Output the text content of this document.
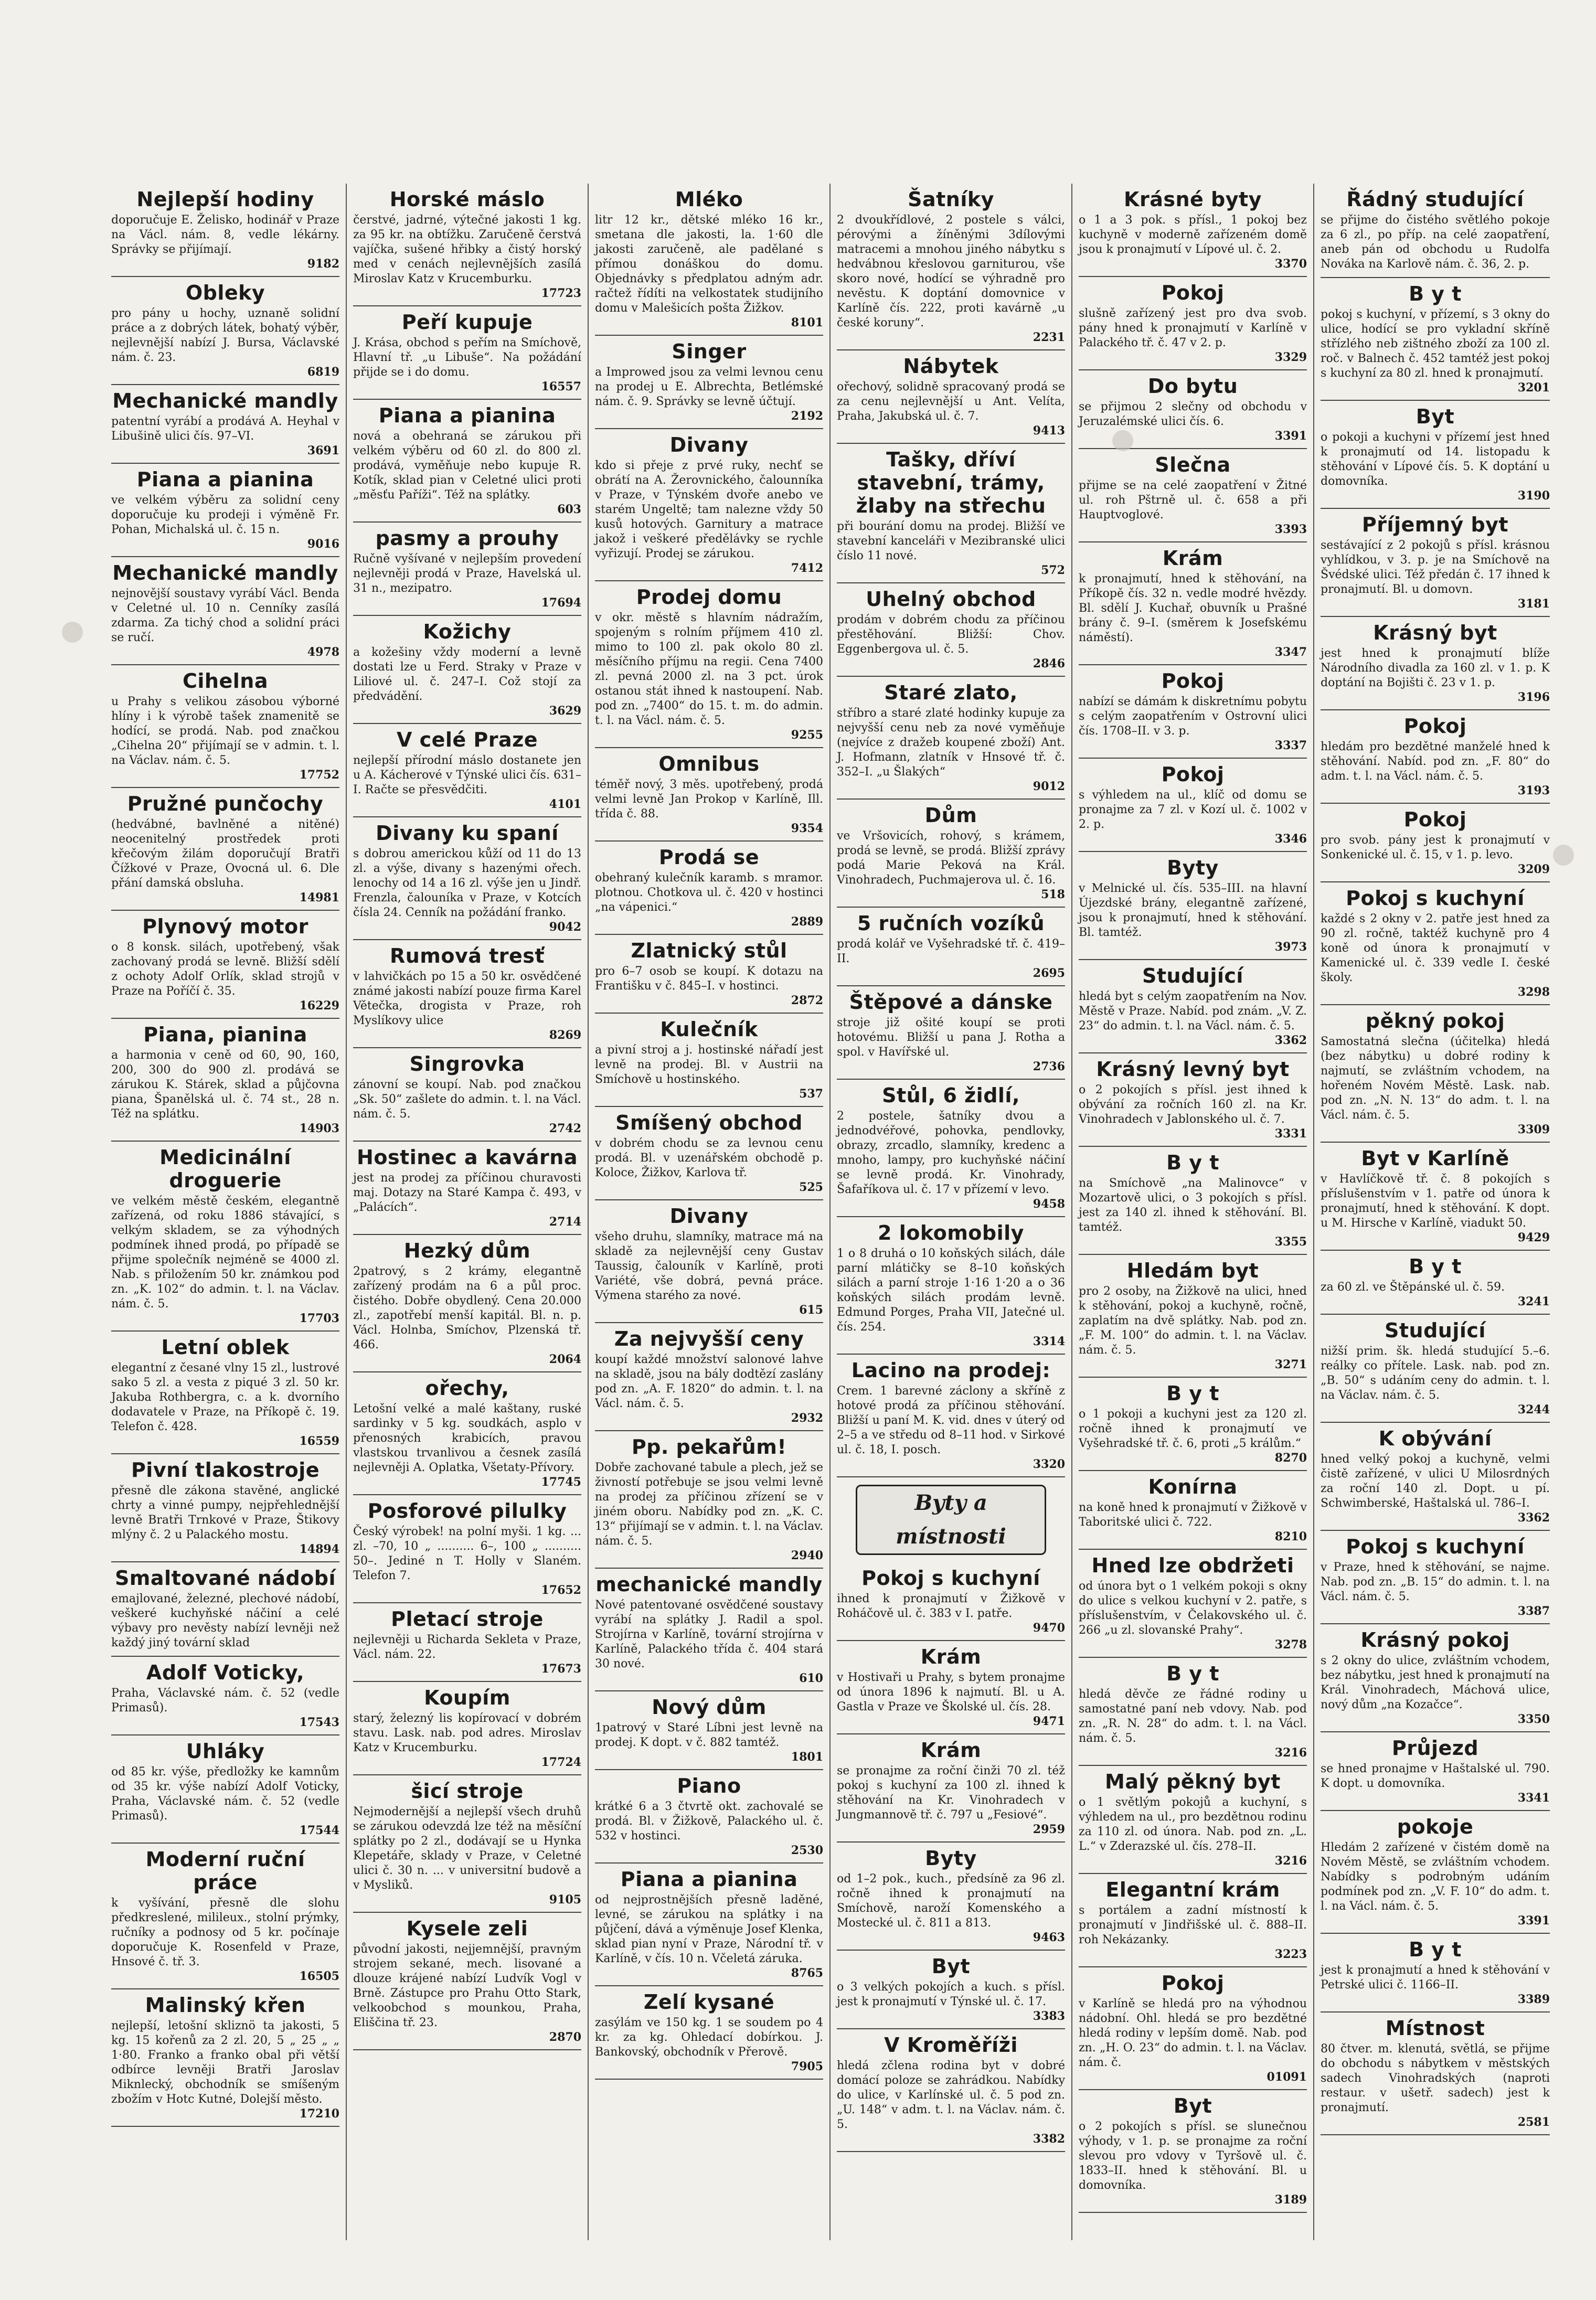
Nejlepší hodiny
doporučuje E. Želisko, hodinář v Praze na Václ. nám. 8, vedle lékárny. Správky se přijímají.
9182
Obleky
pro pány u hochy, uznaně solidní práce a z dobrých látek, bohatý výběr, nejlevnější nabízí J. Bursa, Václavské nám. č. 23.
6819
Mechanické mandly
patentní vyrábí a prodává A. Heyhal v Libušině ulici čís. 97–VI.
3691
Piana a pianina
ve velkém výběru za solidní ceny doporučuje ku prodeji i výměně Fr. Pohan, Michalská ul. č. 15 n.
9016
Mechanické mandly
nejnovější soustavy vyrábí Václ. Benda v Celetné ul. 10 n. Cenníky zasílá zdarma. Za tichý chod a solidní práci se ručí.
4978
Cihelna
u Prahy s velikou zásobou výborné hlíny i k výrobě tašek znamenitě se hodící, se prodá. Nab. pod značkou „Cihelna 20“ přijímají se v admin. t. l. na Václav. nám. č. 5.
17752
Pružné punčochy
(hedvábné, bavlněné a nitěné) neocenitelný prostředek proti křečovým žilám doporučují Bratři Čížkové v Praze, Ovocná ul. 6. Dle přání damská obsluha.
14981
Plynový motor
o 8 konsk. silách, upotřebený, však zachovaný prodá se levně. Bližší sdělí z ochoty Adolf Orlík, sklad strojů v Praze na Poříčí č. 35.
16229
Piana, pianina
a harmonia v ceně od 60, 90, 160, 200, 300 do 900 zl. prodává se zárukou K. Stárek, sklad a půjčovna piana, Španělská ul. č. 74 st., 28 n. Též na splátku.
14903
Medicinální droguerie
ve velkém městě českém, elegantně zařízená, od roku 1886 stávající, s velkým skladem, se za výhodných podmínek ihned prodá, po případě se přijme společník nejméně se 4000 zl. Nab. s přiložením 50 kr. známkou pod zn. „K. 102“ do admin. t. l. na Václav. nám. č. 5.
17703
Letní oblek
elegantní z česané vlny 15 zl., lustrové sako 5 zl. a vesta z piqué 3 zl. 50 kr. Jakuba Rothbergra, c. a k. dvorního dodavatele v Praze, na Příkopě č. 19. Telefon č. 428.
16559
Pivní tlakostroje
přesně dle zákona stavěné, anglické chrty a vinné pumpy, nejpřehlednější levně Bratři Trnkové v Praze, Štikovy mlýny č. 2 u Palackého mostu.
14894
Smaltované nádobí
emajlované, železné, plechové nádobí, veškeré kuchyňské náčiní a celé výbavy pro nevěsty nabízí levněji než každý jiný tovární sklad
Adolf Voticky,
Praha, Václavské nám. č. 52 (vedle Primasů).
17543
Uhláky
od 85 kr. výše, předložky ke kamnům od 35 kr. výše nabízí Adolf Voticky, Praha, Václavské nám. č. 52 (vedle Primasů).
17544
Moderní ruční práce
k vyšívání, přesně dle slohu předkreslené, milileux., stolní prýmky, ručníky a podnosy od 5 kr. počínaje doporučuje K. Rosenfeld v Praze, Hnsové č. tř. 3.
16505
Malinský křen
nejlepší, letošní skliznö ta jakosti, 5 kg. 15 kořenů za 2 zl. 20, 5 „ 25 „ „ 1·80. Franko a franko obal při větší odbírce levněji Bratři Jaroslav Miknlecký, obchodník se smíšeným zbožím v Hotc Kutné, Dolejší město.
17210
Horské máslo
čerstvé, jadrné, výtečné jakosti 1 kg. za 95 kr. na obtížku. Zaručeně čerstvá vajíčka, sušené hřibky a čistý horský med v cenách nejlevnějších zasílá Miroslav Katz v Krucemburku.
17723
Peří kupuje
J. Krása, obchod s peřím na Smíchově, Hlavní tř. „u Libuše“. Na požádání přijde se i do domu.
16557
Piana a pianina
nová a obehraná se zárukou při velkém výběru od 60 zl. do 800 zl. prodává, vyměňuje nebo kupuje R. Kotík, sklad pian v Celetné ulici proti „měsťu Paříži“. Též na splátky.
603
pasmy a prouhy
Ručně vyšívané v nejlepším provedení nejlevněji prodá v Praze, Havelská ul. 31 n., mezipatro.
17694
Kožichy
a kožešiny vždy moderní a levně dostati lze u Ferd. Straky v Praze v Liliové ul. č. 247–I. Což stojí za předvádění.
3629
V celé Praze
nejlepší přírodní máslo dostanete jen u A. Kácherové v Týnské ulici čís. 631–I. Račte se přesvědčiti.
4101
Divany ku spaní
s dobrou americkou kůží od 11 do 13 zl. a výše, divany s hazenými ořech. lenochy od 14 a 16 zl. výše jen u Jindř. Frenzla, čalouníka v Praze, v Kotcích čísla 24. Cenník na požádání franko.
9042
Rumová tresť
v lahvičkách po 15 a 50 kr. osvědčené známé jakosti nabízí pouze firma Karel Větečka, drogista v Praze, roh Myslíkovy ulice
8269
Singrovka
zánovní se koupí. Nab. pod značkou „Sk. 50“ zašlete do admin. t. l. na Václ. nám. č. 5.
2742
Hostinec a kavárna
jest na prodej za příčinou churavosti maj. Dotazy na Staré Kampa č. 493, v „Palácích“.
2714
Hezký dům
2patrový, s 2 krámy, elegantně zařízený prodám na 6 a půl proc. čistého. Dobře obydlený. Cena 20.000 zl., zapotřebí menší kapitál. Bl. n. p. Václ. Holnba, Smíchov, Plzenská tř. 466.
2064
ořechy,
Letošní velké a malé kaštany, ruské sardinky v 5 kg. soudkách, asplo v přenosných krabicích, pravou vlastskou trvanlivou a česnek zasílá nejlevněji A. Oplatka, Všetaty-Přívory.
17745
Posforové pilulky
Český výrobek! na polní myši. 1 kg. ... zl. –70, 10 „ .......... 6–, 100 „ .......... 50–. Jediné n T. Holly v Slaném. Telefon 7.
17652
Pletací stroje
nejlevněji u Richarda Sekleta v Praze, Václ. nám. 22.
17673
Koupím
starý, železný lis kopírovací v dobrém stavu. Lask. nab. pod adres. Miroslav Katz v Krucemburku.
17724
šicí stroje
Nejmodernější a nejlepší všech druhů se zárukou odevzdá lze též na měsíční splátky po 2 zl., dodávají se u Hynka Klepetáře, sklady v Praze, v Celetné ulici č. 30 n. ... v universitní budově a v Mysliků.
9105
Kysele zeli
původní jakosti, nejjemnější, pravným strojem sekané, mech. lisované a dlouze krájené nabízí Ludvík Vogl v Brně. Zástupce pro Prahu Otto Stark, velkoobchod s mounkou, Praha, Eliščina tř. 23.
2870
Mléko
litr 12 kr., dětské mléko 16 kr., smetana dle jakosti, la. 1·60 dle jakosti zaručeně, ale padělané s přímou donáškou do domu. Objednávky s předplatou adným adr. račtež řídíti na velkostatek studijního domu v Malešicích pošta Žižkov.
8101
Singer
a Improwed jsou za velmi levnou cenu na prodej u E. Albrechta, Betlémské nám. č. 9. Správky se levně účtují.
2192
Divany
kdo si přeje z prvé ruky, nechť se obrátí na A. Žerovnického, čalounníka v Praze, v Týnském dvoře anebo ve starém Ungeltě; tam nalezne vždy 50 kusů hotových. Garnitury a matrace jakož i veškeré předělávky se rychle vyřizují. Prodej se zárukou.
7412
Prodej domu
v okr. městě s hlavním nádražím, spojeným s rolním příjmem 410 zl. mimo to 100 zl. pak okolo 80 zl. měsíčního příjmu na regii. Cena 7400 zl. pevná 2000 zl. na 3 pct. úrok ostanou stát ihned k nastoupení. Nab. pod zn. „7400“ do 15. t. m. do admin. t. l. na Václ. nám. č. 5.
9255
Omnibus
téměř nový, 3 měs. upotřebený, prodá velmi levně Jan Prokop v Karlíně, Ill. třída č. 88.
9354
Prodá se
obehraný kulečník karamb. s mramor. plotnou. Chotkova ul. č. 420 v hostinci „na vápenici.“
2889
Zlatnický stůl
pro 6–7 osob se koupí. K dotazu na Františku v č. 845–I. v hostinci.
2872
Kulečník
a pivní stroj a j. hostinské nářadí jest levně na prodej. Bl. v Austrii na Smíchově u hostinského.
537
Smíšený obchod
v dobrém chodu se za levnou cenu prodá. Bl. v uzenářském obchodě p. Koloce, Žižkov, Karlova tř.
525
Divany
všeho druhu, slamníky, matrace má na skladě za nejlevnější ceny Gustav Taussig, čalouník v Karlíně, proti Variété, vše dobrá, pevná práce. Výmena starého za nové.
615
Za nejvyšší ceny
koupí každé množství salonové lahve na skladě, jsou na bály dodtězí zaslány pod zn. „A. F. 1820“ do admin. t. l. na Václ. nám. č. 5.
2932
Pp. pekařům!
Dobře zachované tabule a plech, jež se živností potřebuje se jsou velmi levně na prodej za příčinou zřízení se v jiném oboru. Nabídky pod zn. „K. C. 13“ přijímají se v admin. t. l. na Václav. nám. č. 5.
2940
mechanické mandly
Nové patentované osvědčené soustavy vyrábí na splátky J. Radil a spol. Strojírna v Karlíně, tovární strojírna v Karlíně, Palackého třída č. 404 stará 30 nové.
610
Nový dům
1patrový v Staré Líbni jest levně na prodej. K dopt. v č. 882 tamtéž.
1801
Piano
krátké 6 a 3 čtvrtě okt. zachovalé se prodá. Bl. v Žižkově, Palackého ul. č. 532 v hostinci.
2530
Piana a pianina
od nejprostnějších přesně laděné, levné, se zárukou na splátky i na půjčení, dává a výměnuje Josef Klenka, sklad pian nyní v Praze, Národní tř. v Karlíně, v čís. 10 n. Včeletá záruka.
8765
Zelí kysané
zasýlám ve 150 kg. 1 se soudem po 4 kr. za kg. Ohledací dobírkou. J. Bankovský, obchodník v Přerově.
7905
Šatníky
2 dvoukřídlové, 2 postele s válci, pérovými a žíněnými 3dílovými matracemi a mnohou jiného nábytku s hedvábnou křeslovou garniturou, vše skoro nové, hodící se výhradně pro nevěstu. K doptání domovnice v Karlíně čís. 222, proti kavárně „u české koruny“.
2231
Nábytek
ořechový, solidně spracovaný prodá se za cenu nejlevnější u Ant. Velíta, Praha, Jakubská ul. č. 7.
9413
Tašky, dříví stavební, trámy, žlaby na střechu
při bourání domu na prodej. Bližší ve stavební kanceláři v Mezibranské ulici číslo 11 nové.
572
Uhelný obchod
prodám v dobrém chodu za příčinou přestěhování. Bližší: Chov. Eggenbergova ul. č. 5.
2846
Staré zlato,
stříbro a staré zlaté hodinky kupuje za nejvyšší cenu neb za nové vyměňuje (nejvíce z dražeb koupené zboží) Ant. J. Hofmann, zlatník v Hnsové tř. č. 352–I. „u Šlakých“
9012
Dům
ve Vršovicích, rohový, s krámem, prodá se levně, se prodá. Bližší zprávy podá Marie Peková na Král. Vinohradech, Puchmajerova ul. č. 16.
518
5 ručních vozíků
prodá kolář ve Vyšehradské tř. č. 419–II.
2695
Štěpové a dánske
stroje již ošité koupí se proti hotovému. Bližší u pana J. Rotha a spol. v Havířské ul.
2736
Stůl, 6 židlí,
2 postele, šatníky dvou a jednodvéřové, pohovka, pendlovky, obrazy, zrcadlo, slamníky, kredenc a mnoho, lampy, pro kuchyňské náčiní se levně prodá. Kr. Vinohrady, Šafaříkova ul. č. 17 v přízemí v levo.
9458
2 lokomobily
1 o 8 druhá o 10 koňských silách, dále parní mlátičky se 8–10 koňských silách a parní stroje 1·16 1·20 a o 36 koňských silách prodám levně. Edmund Porges, Praha VII, Jatečné ul. čís. 254.
3314
Lacino na prodej:
Crem. 1 barevné záclony a skříně z hotové prodá za příčinou stěhování. Bližší u paní M. K. vid. dnes v úterý od 2–5 a ve středu od 8–11 hod. v Sirkové ul. č. 18, I. posch.
3320
Byty a místnosti
Pokoj s kuchyní
ihned k pronajmutí v Žižkově v Roháčově ul. č. 383 v I. patře.
9470
Krám
v Hostivaři u Prahy, s bytem pronajme od února 1896 k najmutí. Bl. u A. Gastla v Praze ve Školské ul. čís. 28.
9471
Krám
se pronajme za roční činži 70 zl. též pokoj s kuchyní za 100 zl. ihned k stěhování na Kr. Vinohradech v Jungmannově tř. č. 797 u „Fesiové“.
2959
Byty
od 1–2 pok., kuch., předsíně za 96 zl. ročně ihned k pronajmutí na Smíchově, naroží Komenského a Mostecké ul. č. 811 a 813.
9463
Byt
o 3 velkých pokojích a kuch. s přísl. jest k pronajmutí v Týnské ul. č. 17.
3383
V Kroměříži
hledá zčlena rodina byt v dobré domácí poloze se zahrádkou. Nabídky do ulice, v Karlínské ul. č. 5 pod zn. „U. 148“ v adm. t. l. na Václav. nám. č. 5.
3382
Krásné byty
o 1 a 3 pok. s přísl., 1 pokoj bez kuchyně v moderně zařízeném domě jsou k pronajmutí v Lípové ul. č. 2.
3370
Pokoj
slušně zařízený jest pro dva svob. pány hned k pronajmutí v Karlíně v Palackého tř. č. 47 v 2. p.
3329
Do bytu
se přijmou 2 slečny od obchodu v Jeruzalémské ulici čís. 6.
3391
Slečna
přijme se na celé zaopatření v Žitné ul. roh Pštrně ul. č. 658 a při Hauptvoglové.
3393
Krám
k pronajmutí, hned k stěhování, na Příkopě čís. 32 n. vedle modré hvězdy. Bl. sdělí J. Kuchař, obuvník u Prašné brány č. 9–I. (směrem k Josefskému náměstí).
3347
Pokoj
nabízí se dámám k diskretnímu pobytu s celým zaopatřením v Ostrovní ulici čís. 1708–II. v 3. p.
3337
Pokoj
s výhledem na ul., klíč od domu se pronajme za 7 zl. v Kozí ul. č. 1002 v 2. p.
3346
Byty
v Melnické ul. čís. 535–III. na hlavní Újezdské brány, elegantně zařízené, jsou k pronajmutí, hned k stěhování. Bl. tamtéž.
3973
Studující
hledá byt s celým zaopatřením na Nov. Městě v Praze. Nabíd. pod znám. „V. Z. 23“ do admin. t. l. na Václ. nám. č. 5.
3362
Krásný levný byt
o 2 pokojích s přísl. jest ihned k obývání za ročních 160 zl. na Kr. Vinohradech v Jablonského ul. č. 7.
3331
B y t
na Smíchově „na Malinovce“ v Mozartově ulici, o 3 pokojích s přísl. jest za 140 zl. ihned k stěhování. Bl. tamtéž.
3355
Hledám byt
pro 2 osoby, na Žižkově na ulici, hned k stěhování, pokoj a kuchyně, ročně, zaplatím na dvě splátky. Nab. pod zn. „F. M. 100“ do admin. t. l. na Václav. nám. č. 5.
3271
B y t
o 1 pokoji a kuchyni jest za 120 zl. ročně ihned k pronajmutí ve Vyšehradské tř. č. 6, proti „5 králům.“
8270
Konírna
na koně hned k pronajmutí v Žižkově v Taboritské ulici č. 722.
8210
Hned lze obdržeti
od února byt o 1 velkém pokoji s okny do ulice s velkou kuchyní v 2. patře, s příslušenstvím, v Čelakovského ul. č. 266 „u zl. slovanské Prahy“.
3278
B y t
hledá děvče ze řádné rodiny u samostatné paní neb vdovy. Nab. pod zn. „R. N. 28“ do adm. t. l. na Václ. nám. č. 5.
3216
Malý pěkný byt
o 1 světlým pokojů a kuchyní, s výhledem na ul., pro bezdětnou rodinu za 110 zl. od února. Nab. pod zn. „L. L.“ v Zderazské ul. čís. 278–II.
3216
Elegantní krám
s portálem a zadní místností k pronajmutí v Jindřišské ul. č. 888–II. roh Nekázanky.
3223
Pokoj
v Karlíně se hledá pro na výhodnou nádobní. Ohl. hledá se pro bezdětné hledá rodiny v lepším domě. Nab. pod zn. „H. O. 23“ do admin. t. l. na Václav. nám. č.
01091
Byt
o 2 pokojích s přísl. se slunečnou výhody, v 1. p. se pronajme za roční slevou pro vdovy v Tyršově ul. č. 1833–II. hned k stěhování. Bl. u domovníka.
3189
Řádný studující
se přijme do čistého světlého pokoje za 6 zl., po příp. na celé zaopatření, aneb pán od obchodu u Rudolfa Nováka na Karlově nám. č. 36, 2. p.
B y t
pokoj s kuchyní, v přízemí, s 3 okny do ulice, hodící se pro vykladní skříně střízlého neb zištného zboží za 100 zl. roč. v Balnech č. 452 tamtéž jest pokoj s kuchyní za 80 zl. hned k pronajmutí.
3201
Byt
o pokoji a kuchyni v přízemí jest hned k pronajmutí od 14. listopadu k stěhování v Lípové čís. 5. K doptání u domovníka.
3190
Příjemný byt
sestávající z 2 pokojů s přísl. krásnou vyhlídkou, v 3. p. je na Smíchově na Švédské ulici. Též předán č. 17 ihned k pronajmutí. Bl. u domovn.
3181
Krásný byt
jest hned k pronajmutí blíže Národního divadla za 160 zl. v 1. p. K doptání na Bojišti č. 23 v 1. p.
3196
Pokoj
hledám pro bezdětné manželé hned k stěhování. Nabíd. pod zn. „F. 80“ do adm. t. l. na Václ. nám. č. 5.
3193
Pokoj
pro svob. pány jest k pronajmutí v Sonkenické ul. č. 15, v 1. p. levo.
3209
Pokoj s kuchyní
každé s 2 okny v 2. patře jest hned za 90 zl. ročně, taktéž kuchyně pro 4 koně od února k pronajmutí v Kamenické ul. č. 339 vedle I. české školy.
3298
pěkný pokoj
Samostatná slečna (účitelka) hledá (bez nábytku) u dobré rodiny k najmutí, se zvláštním vchodem, na hořeném Novém Městě. Lask. nab. pod zn. „N. N. 13“ do adm. t. l. na Václ. nám. č. 5.
3309
Byt v Karlíně
v Havlíčkově tř. č. 8 pokojích s příslušenstvím v 1. patře od února k pronajmutí, hned k stěhování. K dopt. u M. Hirsche v Karlíně, viadukt 50.
9429
B y t
za 60 zl. ve Štěpánské ul. č. 59.
3241
Studující
nižší prim. šk. hledá studující 5.–6. reálky co přítele. Lask. nab. pod zn. „B. 50“ s udáním ceny do admin. t. l. na Václav. nám. č. 5.
3244
K obývání
hned velký pokoj a kuchyně, velmi čistě zařízené, v ulici U Milosrdných za roční 140 zl. Dopt. u pí. Schwimberské, Haštalská ul. 786–I.
3362
Pokoj s kuchyní
v Praze, hned k stěhování, se najme. Nab. pod zn. „B. 15“ do admin. t. l. na Václ. nám. č. 5.
3387
Krásný pokoj
s 2 okny do ulice, zvláštním vchodem, bez nábytku, jest hned k pronajmutí na Král. Vinohradech, Máchová ulice, nový dům „na Kozačce“.
3350
Průjezd
se hned pronajme v Haštalské ul. 790. K dopt. u domovníka.
3341
pokoje
Hledám 2 zařízené v čistém domě na Novém Městě, se zvláštním vchodem. Nabídky s podrobným udáním podmínek pod zn. „V. F. 10“ do adm. t. l. na Václ. nám. č. 5.
3391
B y t
jest k pronajmutí a hned k stěhování v Petrské ulici č. 1166–II.
3389
Místnost
80 čtver. m. klenutá, světlá, se přijme do obchodu s nábytkem v městských sadech Vinohradských (naproti restaur. v ušetř. sadech) jest k pronajmutí.
2581
